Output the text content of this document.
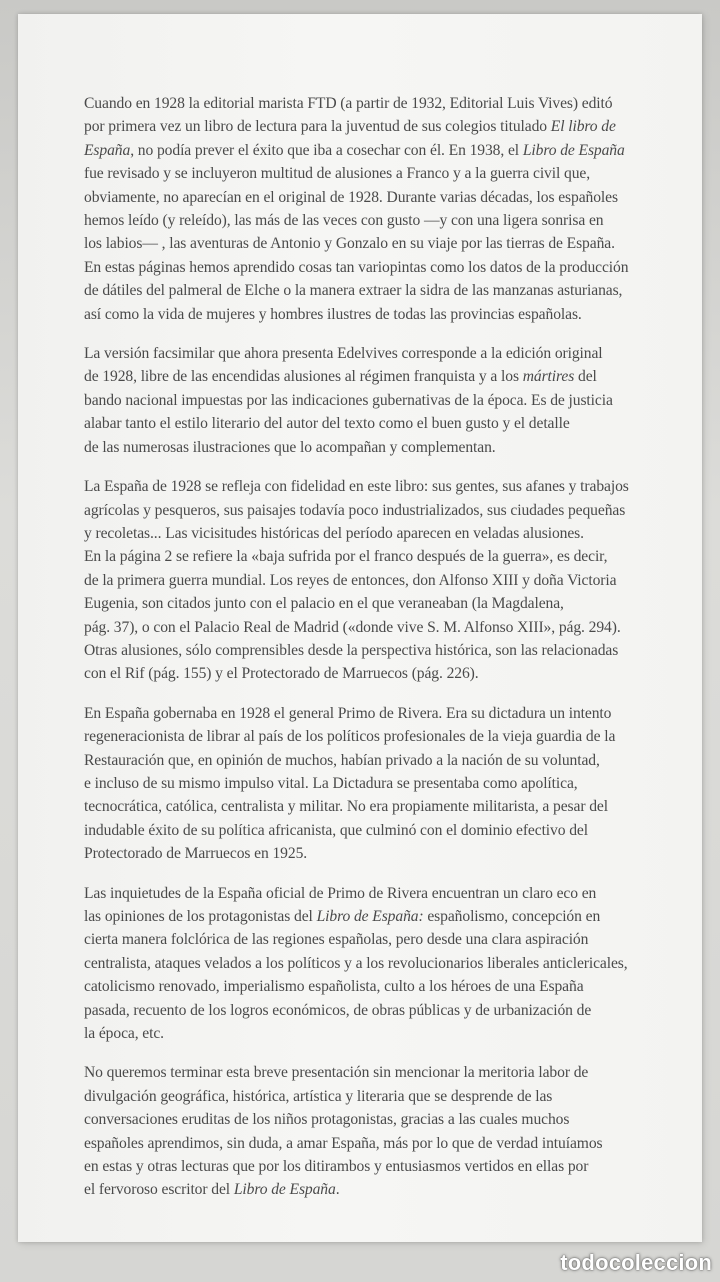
Cuando en 1928 la editorial marista FTD (a partir de 1932, Editorial Luis Vives) editó
por primera vez un libro de lectura para la juventud de sus colegios titulado El libro de
España, no podía prever el éxito que iba a cosechar con él. En 1938, el Libro de España
fue revisado y se incluyeron multitud de alusiones a Franco y a la guerra civil que,
obviamente, no aparecían en el original de 1928. Durante varias décadas, los españoles
hemos leído (y releído), las más de las veces con gusto —y con una ligera sonrisa en
los labios— , las aventuras de Antonio y Gonzalo en su viaje por las tierras de España.
En estas páginas hemos aprendido cosas tan variopintas como los datos de la producción
de dátiles del palmeral de Elche o la manera extraer la sidra de las manzanas asturianas,
así como la vida de mujeres y hombres ilustres de todas las provincias españolas.

La versión facsimilar que ahora presenta Edelvives corresponde a la edición original
de 1928, libre de las encendidas alusiones al régimen franquista y a los mártires del
bando nacional impuestas por las indicaciones gubernativas de la época. Es de justicia
alabar tanto el estilo literario del autor del texto como el buen gusto y el detalle
de las numerosas ilustraciones que lo acompañan y complementan.

La España de 1928 se refleja con fidelidad en este libro: sus gentes, sus afanes y trabajos
agrícolas y pesqueros, sus paisajes todavía poco industrializados, sus ciudades pequeñas
y recoletas... Las vicisitudes históricas del período aparecen en veladas alusiones.
En la página 2 se refiere la «baja sufrida por el franco después de la guerra», es decir,
de la primera guerra mundial. Los reyes de entonces, don Alfonso XIII y doña Victoria
Eugenia, son citados junto con el palacio en el que veraneaban (la Magdalena,
pág. 37), o con el Palacio Real de Madrid («donde vive S. M. Alfonso XIII», pág. 294).
Otras alusiones, sólo comprensibles desde la perspectiva histórica, son las relacionadas
con el Rif (pág. 155) y el Protectorado de Marruecos (pág. 226).

En España gobernaba en 1928 el general Primo de Rivera. Era su dictadura un intento
regeneracionista de librar al país de los políticos profesionales de la vieja guardia de la
Restauración que, en opinión de muchos, habían privado a la nación de su voluntad,
e incluso de su mismo impulso vital. La Dictadura se presentaba como apolítica,
tecnocrática, católica, centralista y militar. No era propiamente militarista, a pesar del
indudable éxito de su política africanista, que culminó con el dominio efectivo del
Protectorado de Marruecos en 1925.

Las inquietudes de la España oficial de Primo de Rivera encuentran un claro eco en
las opiniones de los protagonistas del Libro de España: españolismo, concepción en
cierta manera folclórica de las regiones españolas, pero desde una clara aspiración
centralista, ataques velados a los políticos y a los revolucionarios liberales anticlericales,
catolicismo renovado, imperialismo españolista, culto a los héroes de una España
pasada, recuento de los logros económicos, de obras públicas y de urbanización de
la época, etc.

No queremos terminar esta breve presentación sin mencionar la meritoria labor de
divulgación geográfica, histórica, artística y literaria que se desprende de las
conversaciones eruditas de los niños protagonistas, gracias a las cuales muchos
españoles aprendimos, sin duda, a amar España, más por lo que de verdad intuíamos
en estas y otras lecturas que por los ditirambos y entusiasmos vertidos en ellas por
el fervoroso escritor del Libro de España.

todocoleccion
